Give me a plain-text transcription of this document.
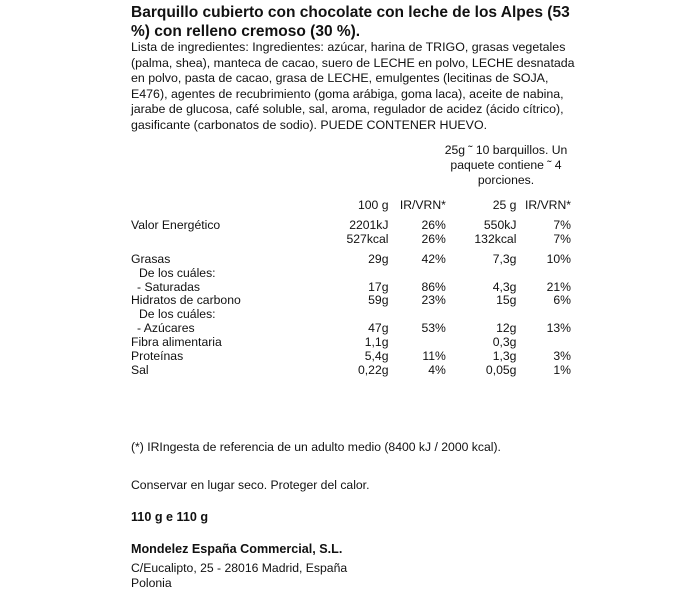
Barquillo cubierto con chocolate con leche de los Alpes (53 %) con relleno cremoso (30 %).
Lista de ingredientes: Ingredientes: azúcar, harina de TRIGO, grasas vegetales (palma, shea), manteca de cacao, suero de LECHE en polvo, LECHE desnatada en polvo, pasta de cacao, grasa de LECHE, emulgentes (lecitinas de SOJA, E476), agentes de recubrimiento (goma arábiga, goma laca), aceite de nabina, jarabe de glucosa, café soluble, sal, aroma, regulador de acidez (ácido cítrico), gasificante (carbonatos de sodio). PUEDE CONTENER HUEVO.
25g ˜ 10 barquillos. Un paquete contiene ˜ 4 porciones.
	100 g	IR/VRN*	25 g	IR/VRN*

Valor Energético	2201kJ	26%	550kJ	7%
	527kcal	26%	132kcal	7%

Grasas	29g	42%	7,3g	10%
De los cuáles:				
- Saturadas	17g	86%	4,3g	21%
Hidratos de carbono	59g	23%	15g	6%
De los cuáles:				
- Azúcares	47g	53%	12g	13%
Fibra alimentaria	1,1g		0,3g	
Proteínas	5,4g	11%	1,3g	3%
Sal	0,22g	4%	0,05g	1%
(*) IRIngesta de referencia de un adulto medio (8400 kJ / 2000 kcal).
Conservar en lugar seco. Proteger del calor.
110 g e 110 g
Mondelez España Commercial, S.L.
C/Eucalipto, 25 - 28016 Madrid, España
Polonia
